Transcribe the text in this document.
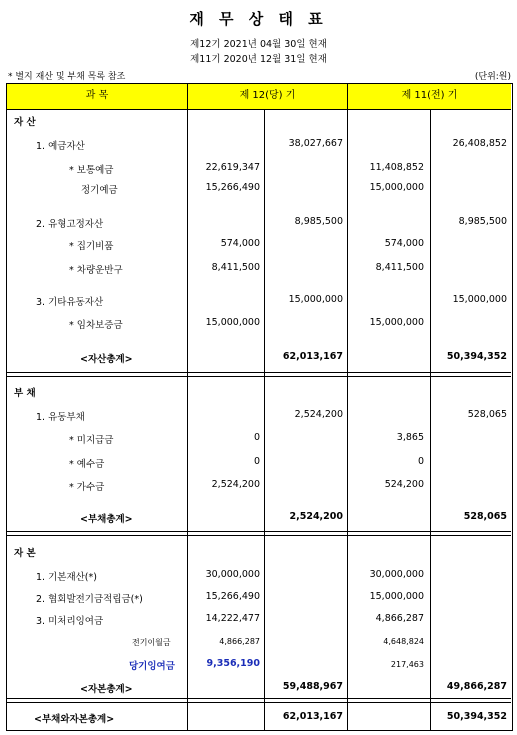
재 무 상 태 표
제12기 2021년 04월 30일 현재
제11기 2020년 12월 31일 현재
* 별지 재산 및 부채 목록 참조	(단위:원)
과 목	제 12(당) 기	제 11(전) 기
자 산
1. 예금자산	38,027,667	26,408,852
* 보통예금	22,619,347	11,408,852
정기예금	15,266,490	15,000,000
2. 유형고정자산	8,985,500	8,985,500
* 집기비품	574,000	574,000
* 차량운반구	8,411,500	8,411,500
3. 기타유동자산	15,000,000	15,000,000
* 임차보증금	15,000,000	15,000,000
<자산총계>	62,013,167	50,394,352
부 채
1. 유동부채	2,524,200	528,065
* 미지급금	0	3,865
* 예수금	0	0
* 가수금	2,524,200	524,200
<부채총계>	2,524,200	528,065
자 본
1. 기본재산(*)	30,000,000	30,000,000
2. 협회발전기금적립금(*)	15,266,490	15,000,000
3. 미처리잉여금	14,222,477	4,866,287
전기이월금	4,866,287	4,648,824
당기잉여금	9,356,190	217,463
<자본총계>	59,488,967	49,866,287
<부채와자본총계>	62,013,167	50,394,352
